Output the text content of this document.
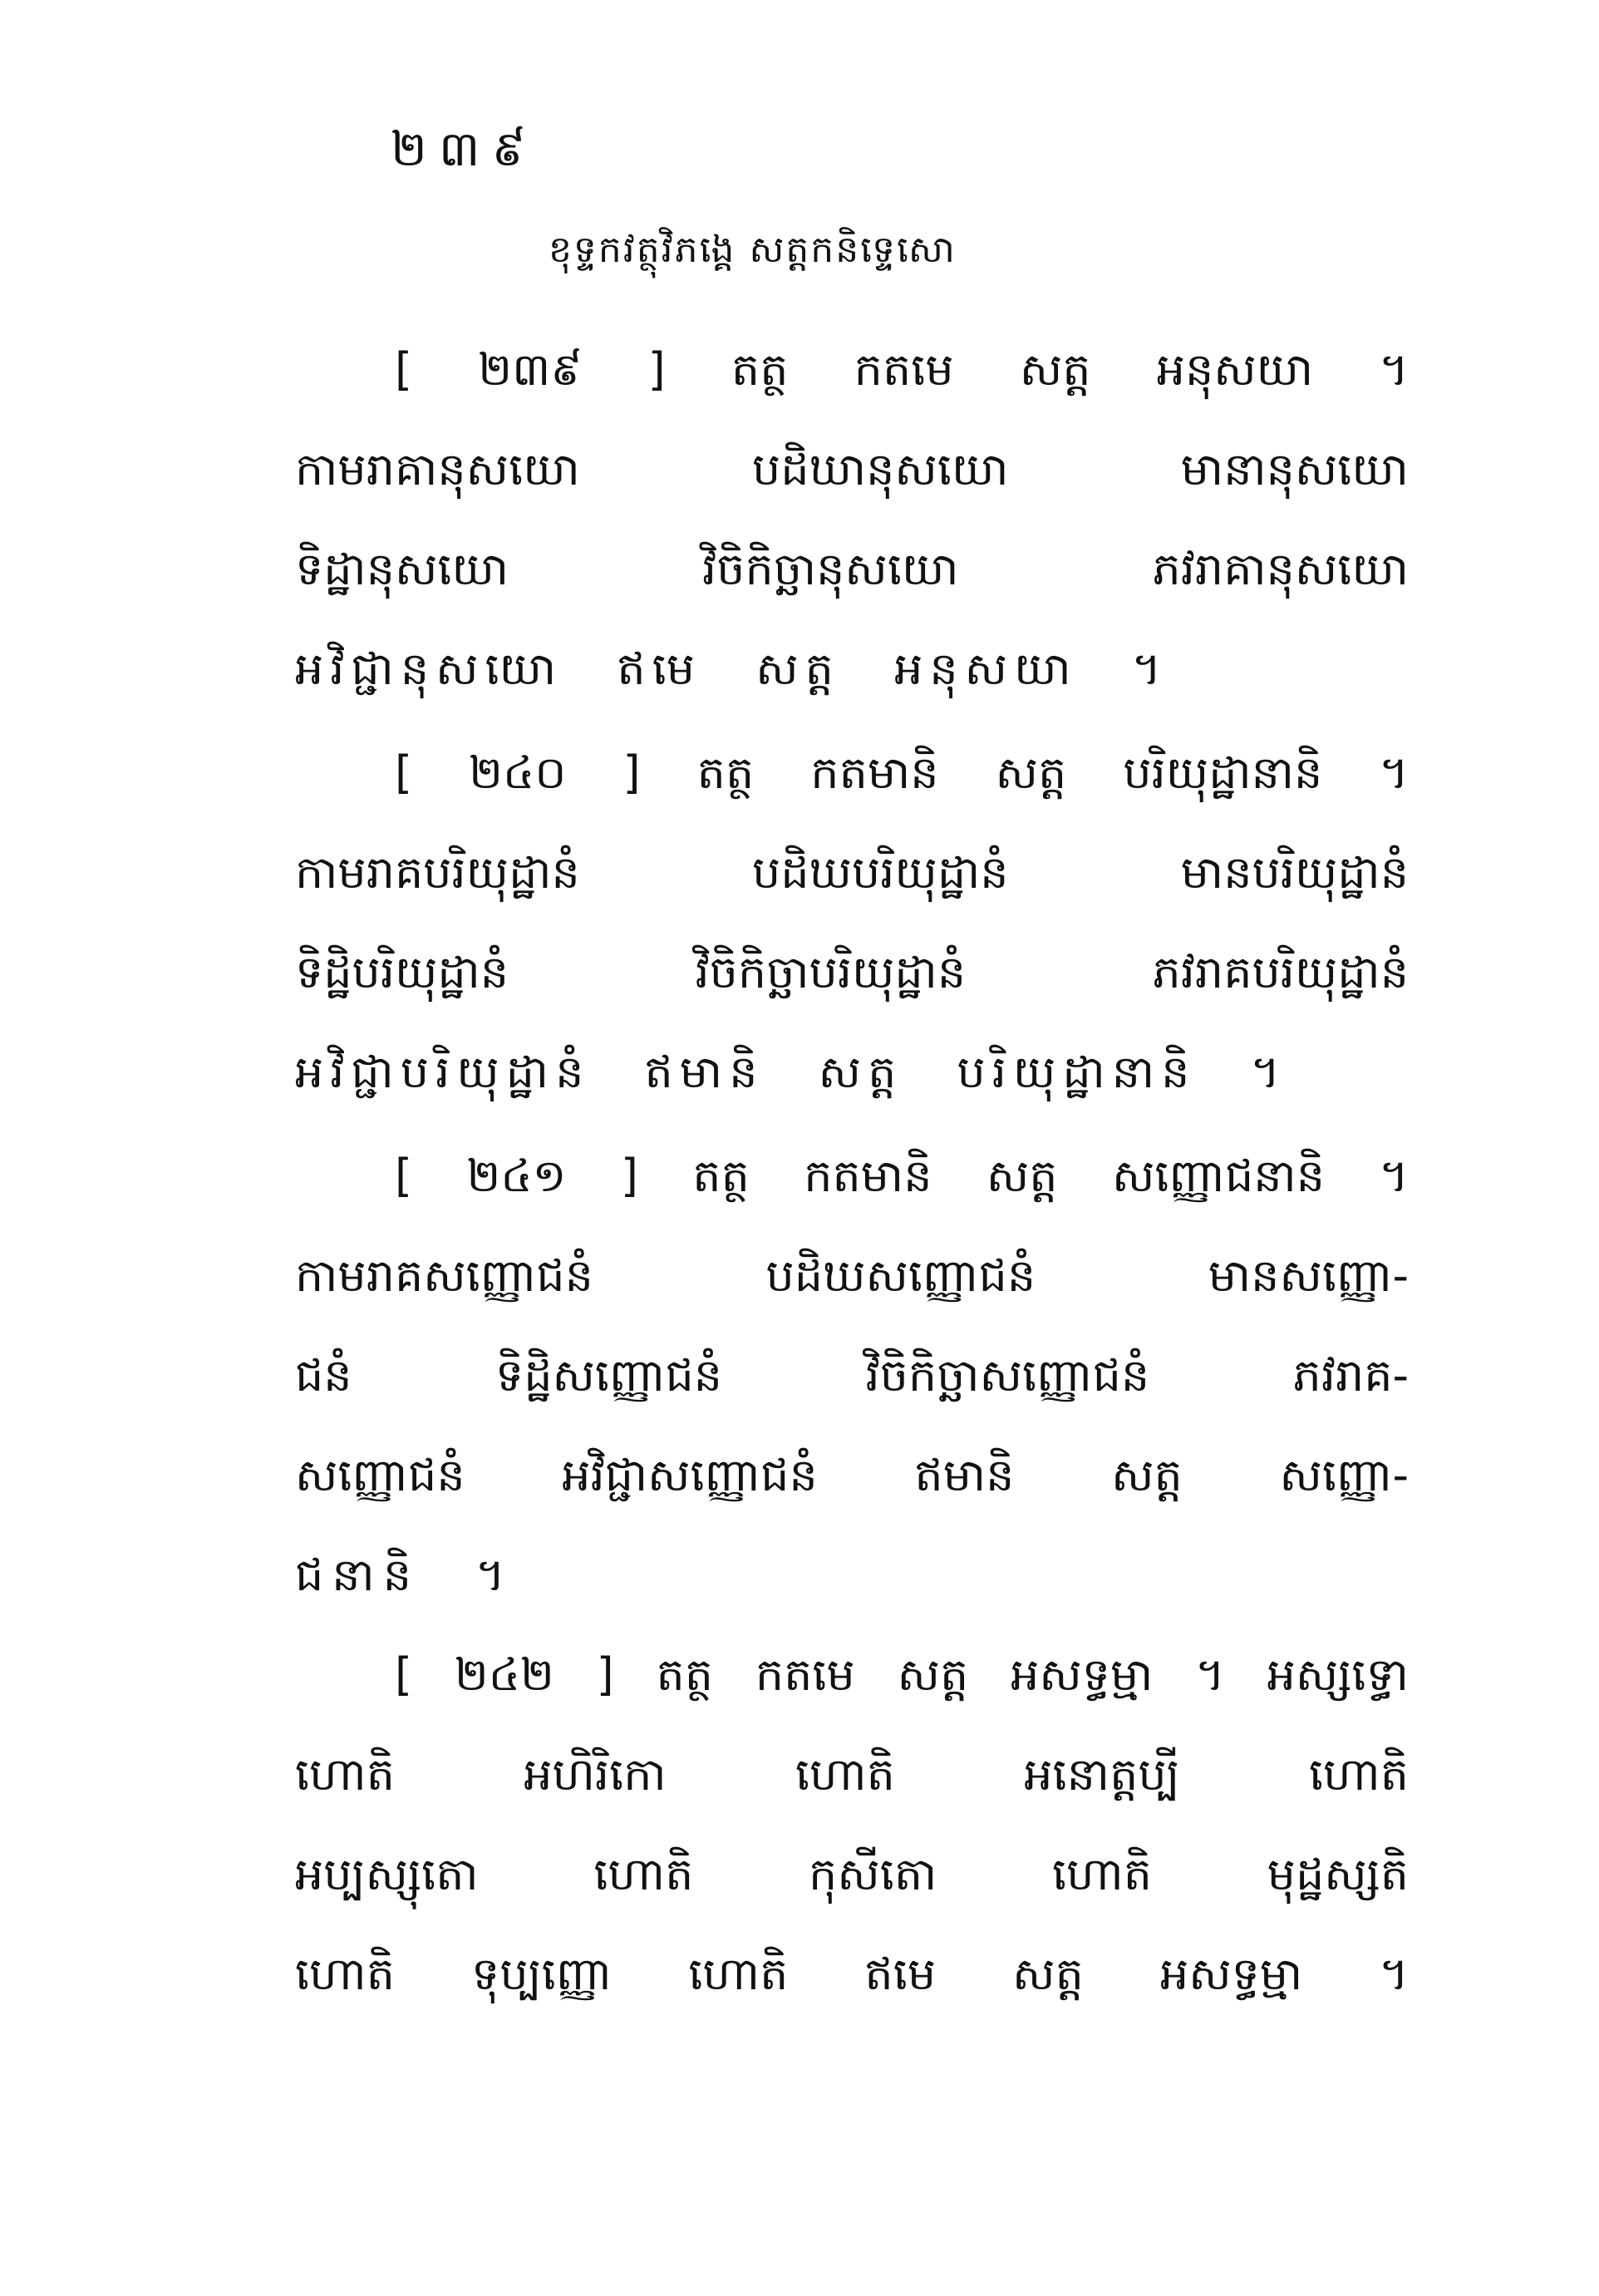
២៣៩
ខុទ្ទកវត្ថុវិភង្គេ សត្តកនិទ្ទេសោ
[ ២៣៩ ] តត្ថ កតមេ សត្ត អនុសយា ។
កាមរាគានុសយោ បដិឃានុសយោ មានានុសយោ
ទិដ្ឋានុសយោ វិចិកិច្ឆានុសយោ ភវរាគានុសយោ
អវិជ្ជានុសយោ ឥមេ សត្ត អនុសយា ។
[ ២៤០ ] តត្ថ កតមានិ សត្ត បរិយុដ្ឋានានិ ។
កាមរាគបរិយុដ្ឋានំ បដិឃបរិយុដ្ឋានំ មានបរិយុដ្ឋានំ
ទិដ្ឋិបរិយុដ្ឋានំ វិចិកិច្ឆាបរិយុដ្ឋានំ ភវរាគបរិយុដ្ឋានំ
អវិជ្ជាបរិយុដ្ឋានំ ឥមានិ សត្ត បរិយុដ្ឋានានិ ។
[ ២៤១ ] តត្ថ កតមានិ សត្ត សញ្ញោជនានិ ។
កាមរាគសញ្ញោជនំ បដិឃសញ្ញោជនំ មានសញ្ញោ-
ជនំ ទិដ្ឋិសញ្ញោជនំ វិចិកិច្ឆាសញ្ញោជនំ ភវរាគ-
សញ្ញោជនំ អវិជ្ជាសញ្ញោជនំ ឥមានិ សត្ត សញ្ញោ-
ជនានិ ។
[ ២៤២ ] តត្ថ កតមេ សត្ត អសទ្ធម្មា ។ អស្សទ្ធោ
ហោតិ អហិរិកោ ហោតិ អនោត្តប្បី ហោតិ
អប្បស្សុតោ ហោតិ កុសីតោ ហោតិ មុដ្ឋស្សតិ
ហោតិ ទុប្បញ្ញោ ហោតិ ឥមេ សត្ត អសទ្ធម្មា ។
